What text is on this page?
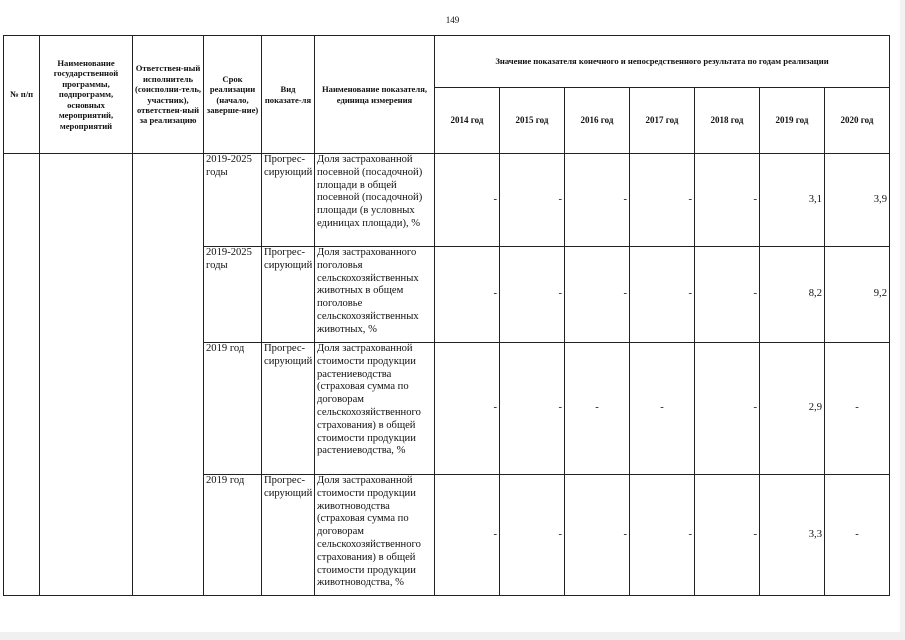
149
№ п/п	Наименование государственной программы, подпрограмм, основных мероприятий, мероприятий	Ответствен-ный исполнитель (соисполни-тель, участник), ответствен-ный за реализацию	Срок реализации (начало, заверше-ние)	Вид показате-ля	Наименование показателя, единица измерения	Значение показателя конечного и непосредственного результата по годам реализации						
						2014 год	2015 год	2016 год	2017 год	2018 год	2019 год	2020 год
			2019-2025 годы	Прогрес-сирующий	Доля застрахованной посевной (посадочной) площади в общей посевной (посадочной) площади (в условных единицах площади), %	-	-	-	-	-	3,1	3,9
			2019-2025 годы	Прогрес-сирующий	Доля застрахованного поголовья сельскохозяйственных животных в общем поголовье сельскохозяйственных животных, %	-	-	-	-	-	8,2	9,2
			2019 год	Прогрес-сирующий	Доля застрахованной стоимости продукции растениеводства (страховая сумма по договорам сельскохозяйственного страхования) в общей стоимости продукции растениеводства, %	-	-	-	-	-	2,9	-
			2019 год	Прогрес-сирующий	Доля застрахованной стоимости продукции животноводства (страховая сумма по договорам сельскохозяйственного страхования) в общей стоимости продукции животноводства, %	-	-	-	-	-	3,3	-
